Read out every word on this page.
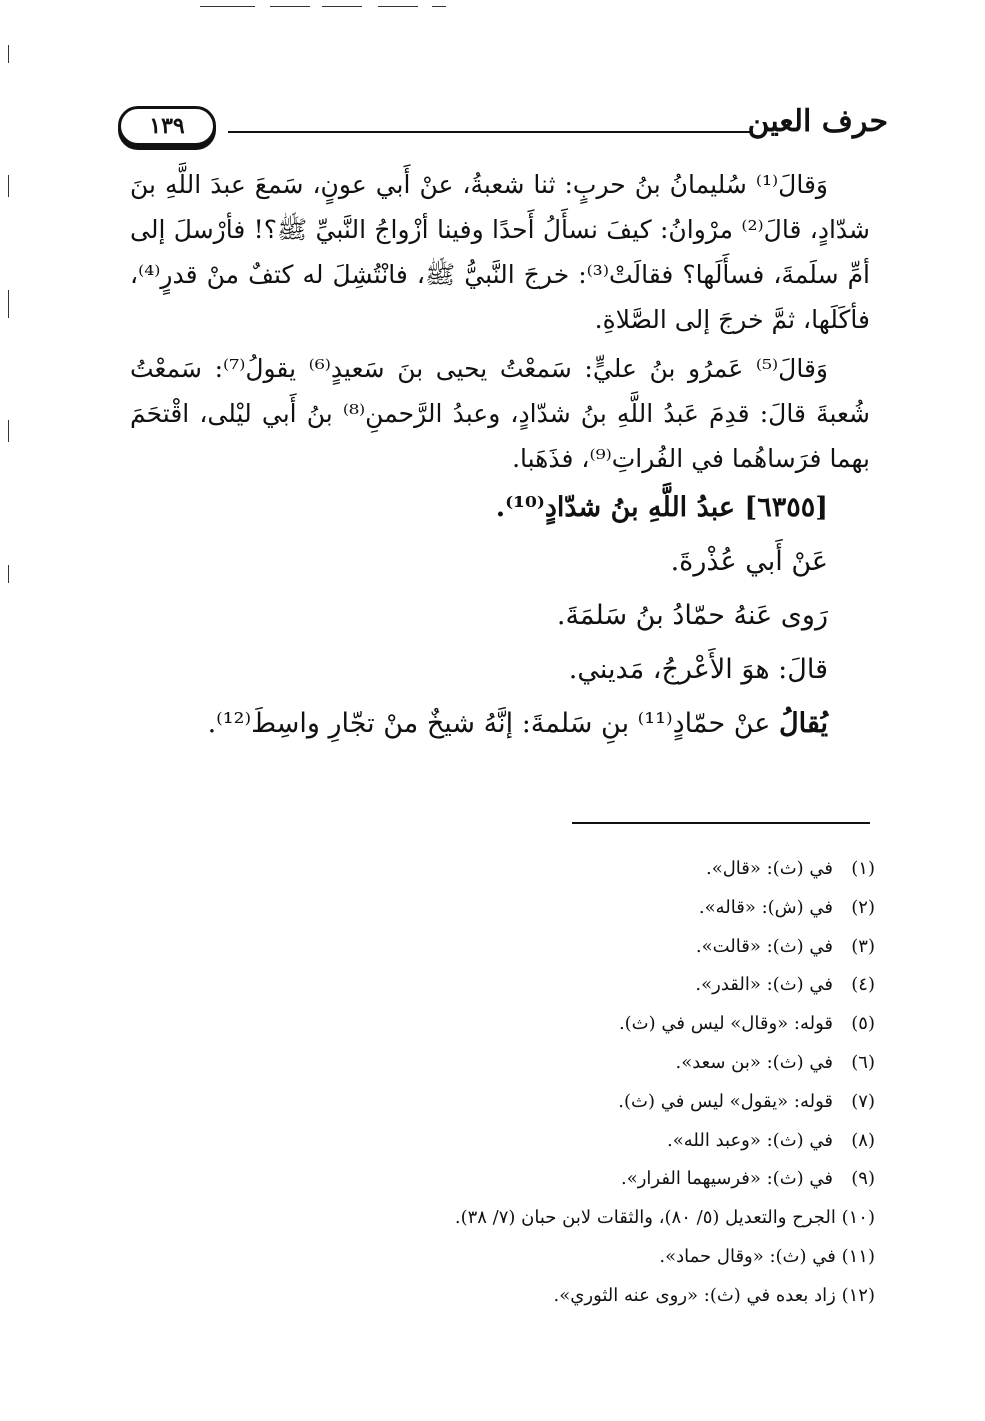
١٣٩	حرف العين

وَقالَ⁽¹⁾ سُليمانُ بنُ حربٍ: ثنا شعبةُ، عنْ أَبي عونٍ، سَمعَ عبدَ اللَّهِ بنَ شدّادٍ، قالَ⁽²⁾ مرْوانُ: كيفَ نسأَلُ أَحدًا وفينا أزْواجُ النَّبيِّ ﷺ؟! فأرْسلَ إلى أمِّ سلَمةَ، فسأَلَها؟ فقالَتْ⁽³⁾: خرجَ النَّبيُّ ﷺ، فانْتُشِلَ له كتفٌ منْ قدرٍ⁽⁴⁾، فأكَلَها، ثمَّ خرجَ إلى الصَّلاةِ.

وَقالَ⁽⁵⁾ عَمرُو بنُ عليٍّ: سَمعْتُ يحيى بنَ سَعيدٍ⁽⁶⁾ يقولُ⁽⁷⁾: سَمعْتُ شُعبةَ قالَ: قدِمَ عَبدُ اللَّهِ بنُ شدّادٍ، وعبدُ الرَّحمنِ⁽⁸⁾ بنُ أَبي ليْلى، اقْتحَمَ بهما فرَساهُما في الفُراتِ⁽⁹⁾، فذَهَبا.

[٦٣٥٥] عبدُ اللَّهِ بنُ شدّادٍ⁽¹⁰⁾.

عَنْ أَبي عُذْرةَ.

رَوى عَنهُ حمّادُ بنُ سَلمَةَ.

قالَ: هوَ الأَعْرجُ، مَديني.

يُقالُ عنْ حمّادٍ⁽¹¹⁾ بنِ سَلمةَ: إنَّهُ شيخٌ منْ تجّارِ واسِطَ⁽¹²⁾.

(١)في (ث): «قال».

(٢)في (ش): «قاله».

(٣)في (ث): «قالت».

(٤)في (ث): «القدر».

(٥)قوله: «وقال» ليس في (ث).

(٦)في (ث): «بن سعد».

(٧)قوله: «يقول» ليس في (ث).

(٨)في (ث): «وعبد الله».

(٩)في (ث): «فرسيهما الفرار».

(١٠) الجرح والتعديل (٥/ ٨٠)، والثقات لابن حبان (٧/ ٣٨).

(١١) في (ث): «وقال حماد».

(١٢) زاد بعده في (ث): «روى عنه الثوري».
